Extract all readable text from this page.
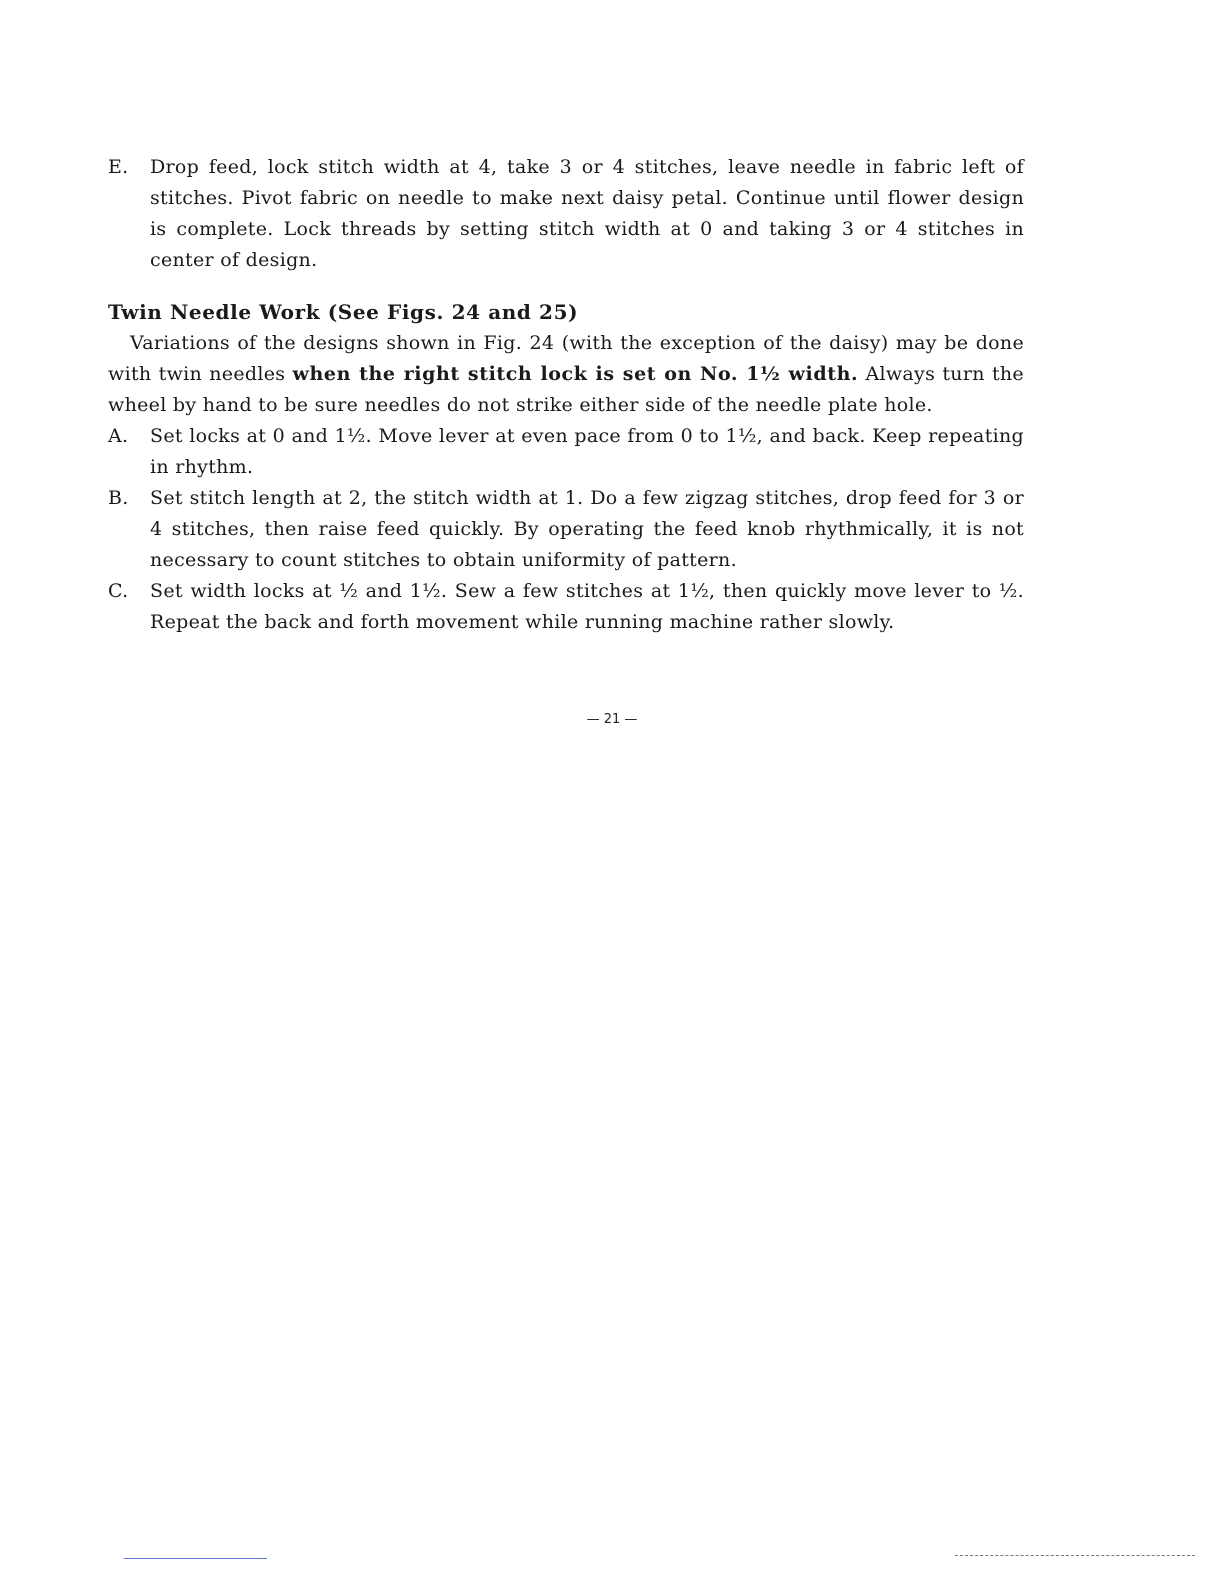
E.	Drop feed, lock stitch width at 4, take 3 or 4 stitches, leave needle in fabric left of stitches. Pivot fabric on needle to make next daisy petal. Continue until flower design is complete. Lock threads by setting stitch width at 0 and taking 3 or 4 stitches in center of design.
Twin Needle Work (See Figs. 24 and 25)
Variations of the designs shown in Fig. 24 (with the exception of the daisy) may be done with twin needles when the right stitch lock is set on No. 1½ width. Always turn the wheel by hand to be sure needles do not strike either side of the needle plate hole.
A.	Set locks at 0 and 1½. Move lever at even pace from 0 to 1½, and back. Keep repeating in rhythm.
B.	Set stitch length at 2, the stitch width at 1. Do a few zigzag stitches, drop feed for 3 or 4 stitches, then raise feed quickly. By operating the feed knob rhythmically, it is not necessary to count stitches to obtain uniformity of pattern.
C.	Set width locks at ½ and 1½. Sew a few stitches at 1½, then quickly move lever to ½. Repeat the back and forth movement while running machine rather slowly.
— 21 —
